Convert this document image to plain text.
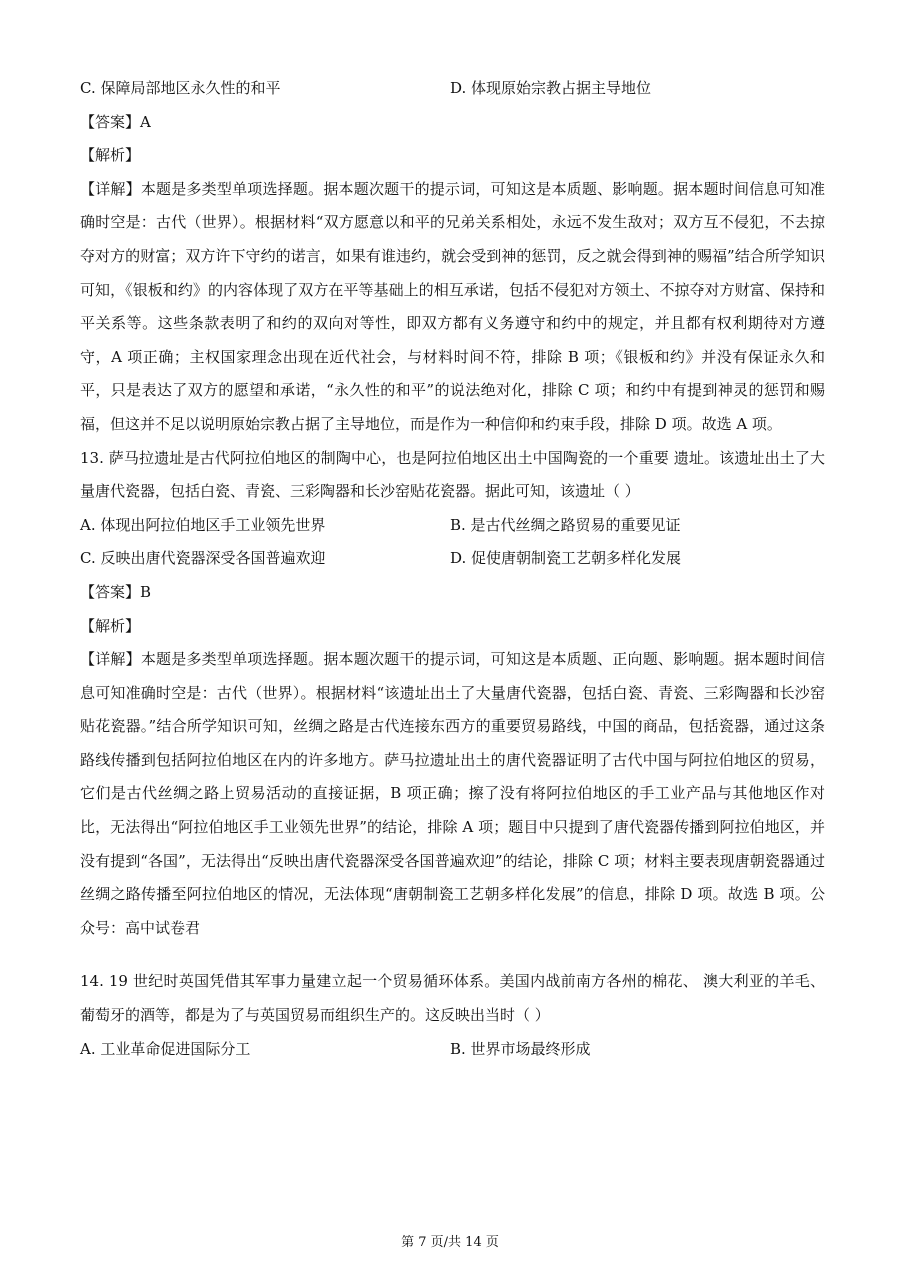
C. 保障局部地区永久性的和平	D. 体现原始宗教占据主导地位
【答案】A
【解析】
【详解】本题是多类型单项选择题。据本题次题干的提示词，可知这是本质题、影响题。据本题时间信息可知准确时空是：古代（世界）。根据材料“双方愿意以和平的兄弟关系相处，永远不发生敌对；双方互不侵犯，不去掠夺对方的财富；双方许下守约的诺言，如果有谁违约，就会受到神的惩罚，反之就会得到神的赐福”结合所学知识可知，《银板和约》的内容体现了双方在平等基础上的相互承诺，包括不侵犯对方领土、不掠夺对方财富、保持和平关系等。这些条款表明了和约的双向对等性，即双方都有义务遵守和约中的规定，并且都有权利期待对方遵守，A 项正确；主权国家理念出现在近代社会，与材料时间不符，排除 B 项；《银板和约》并没有保证永久和平，只是表达了双方的愿望和承诺，“永久性的和平”的说法绝对化，排除 C 项；和约中有提到神灵的惩罚和赐福，但这并不足以说明原始宗教占据了主导地位，而是作为一种信仰和约束手段，排除 D 项。故选 A 项。
13. 萨马拉遗址是古代阿拉伯地区的制陶中心，也是阿拉伯地区出土中国陶瓷的一个重要 遗址。该遗址出土了大量唐代瓷器，包括白瓷、青瓷、三彩陶器和长沙窑贴花瓷器。据此可知，该遗址（ ）
A. 体现出阿拉伯地区手工业领先世界	B. 是古代丝绸之路贸易的重要见证
C. 反映出唐代瓷器深受各国普遍欢迎	D. 促使唐朝制瓷工艺朝多样化发展
【答案】B
【解析】
【详解】本题是多类型单项选择题。据本题次题干的提示词，可知这是本质题、正向题、影响题。据本题时间信息可知准确时空是：古代（世界）。根据材料“该遗址出土了大量唐代瓷器，包括白瓷、青瓷、三彩陶器和长沙窑贴花瓷器。”结合所学知识可知，丝绸之路是古代连接东西方的重要贸易路线，中国的商品，包括瓷器，通过这条路线传播到包括阿拉伯地区在内的许多地方。萨马拉遗址出土的唐代瓷器证明了古代中国与阿拉伯地区的贸易，它们是古代丝绸之路上贸易活动的直接证据，B 项正确；擦了没有将阿拉伯地区的手工业产品与其他地区作对比，无法得出“阿拉伯地区手工业领先世界”的结论，排除 A 项；题目中只提到了唐代瓷器传播到阿拉伯地区，并没有提到“各国”，无法得出“反映出唐代瓷器深受各国普遍欢迎”的结论，排除 C 项；材料主要表现唐朝瓷器通过丝绸之路传播至阿拉伯地区的情况，无法体现“唐朝制瓷工艺朝多样化发展”的信息，排除 D 项。故选 B 项。公众号：高中试卷君
14. 19 世纪时英国凭借其军事力量建立起一个贸易循环体系。美国内战前南方各州的棉花、 澳大利亚的羊毛、葡萄牙的酒等，都是为了与英国贸易而组织生产的。这反映出当时（ ）
A. 工业革命促进国际分工	B. 世界市场最终形成
第 7 页/共 14 页
